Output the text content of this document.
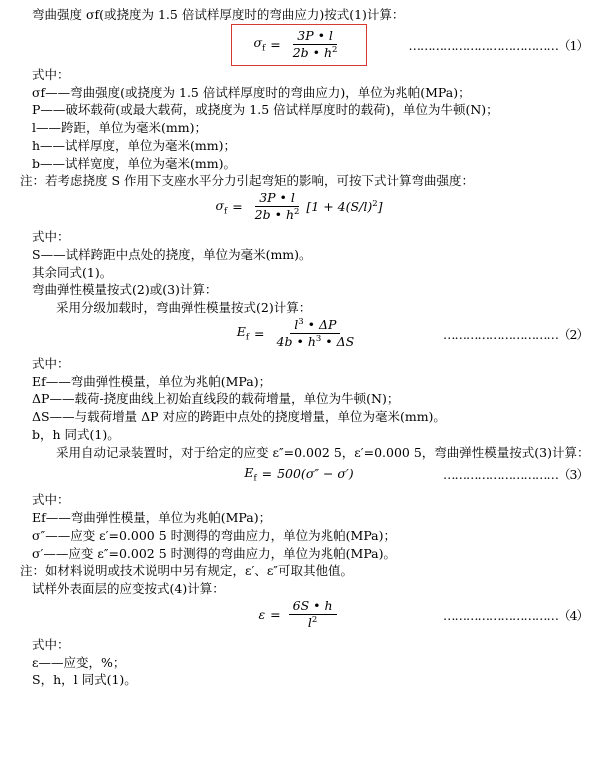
弯曲强度 σf(或挠度为 1.5 倍试样厚度时的弯曲应力)按式(1)计算：
$\sigma_f = \frac{3P • l}{2b • h^2}$	…………………………………（1）
式中：
σf——弯曲强度(或挠度为 1.5 倍试样厚度时的弯曲应力)，单位为兆帕(MPa)；
P——破坏载荷(或最大载荷，或挠度为 1.5 倍试样厚度时的载荷)，单位为牛顿(N)；
l——跨距，单位为毫米(mm)；
h——试样厚度，单位为毫米(mm)；
b——试样宽度，单位为毫米(mm)。
注：若考虑挠度 S 作用下支座水平分力引起弯矩的影响，可按下式计算弯曲强度：
$\sigma_f = \frac{3P • l}{2b • h^2} [1 + 4(S/l)^2]$
式中：
S——试样跨距中点处的挠度，单位为毫米(mm)。
其余同式(1)。
弯曲弹性模量按式(2)或(3)计算：
采用分级加载时，弯曲弹性模量按式(2)计算：
$E_f = \frac{l^3 • \Delta P}{4b • h^3 • \Delta S}$	…………………………（2）
式中：
Ef——弯曲弹性模量，单位为兆帕(MPa)；
ΔP——载荷-挠度曲线上初始直线段的载荷增量，单位为牛顿(N)；
ΔS——与载荷增量 ΔP 对应的跨距中点处的挠度增量，单位为毫米(mm)。
b，h 同式(1)。
采用自动记录装置时，对于给定的应变 ε″=0.002 5，ε′=0.000 5，弯曲弹性模量按式(3)计算：
$E_f = 500(\sigma'' - \sigma')$	…………………………（3）
式中：
Ef——弯曲弹性模量，单位为兆帕(MPa)；
σ″——应变 ε′=0.000 5 时测得的弯曲应力，单位为兆帕(MPa)；
σ′——应变 ε″=0.002 5 时测得的弯曲应力，单位为兆帕(MPa)。
注：如材料说明或技术说明中另有规定，ε′、ε″可取其他值。
试样外表面层的应变按式(4)计算：
$\varepsilon = \frac{6S • h}{l^2}$	…………………………（4）
式中：
ε——应变，%；
S，h，l 同式(1)。
